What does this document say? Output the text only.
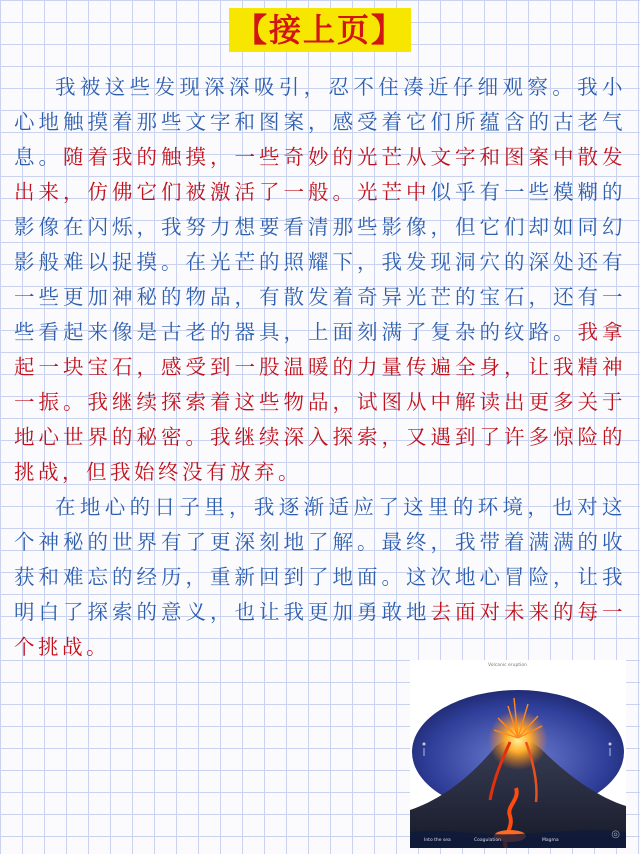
【接上页】

我被这些发现深深吸引，忍不住凑近仔细观察。我小心地触摸着那些文字和图案，感受着它们所蕴含的古老气息。随着我的触摸，一些奇妙的光芒从文字和图案中散发出来，仿佛它们被激活了一般。光芒中似乎有一些模糊的影像在闪烁，我努力想要看清那些影像，但它们却如同幻影般难以捉摸。在光芒的照耀下，我发现洞穴的深处还有一些更加神秘的物品，有散发着奇异光芒的宝石，还有一些看起来像是古老的器具，上面刻满了复杂的纹路。我拿起一块宝石，感受到一股温暖的力量传遍全身，让我精神一振。我继续探索着这些物品，试图从中解读出更多关于地心世界的秘密。我继续深入探索，又遇到了许多惊险的挑战，但我始终没有放弃。

在地心的日子里，我逐渐适应了这里的环境，也对这个神秘的世界有了更深刻地了解。最终，我带着满满的收获和难忘的经历，重新回到了地面。这次地心冒险，让我明白了探索的意义，也让我更加勇敢地去面对未来的每一个挑战。

Volcanic eruption
Magma
Into the sea	Coagulation
◎
